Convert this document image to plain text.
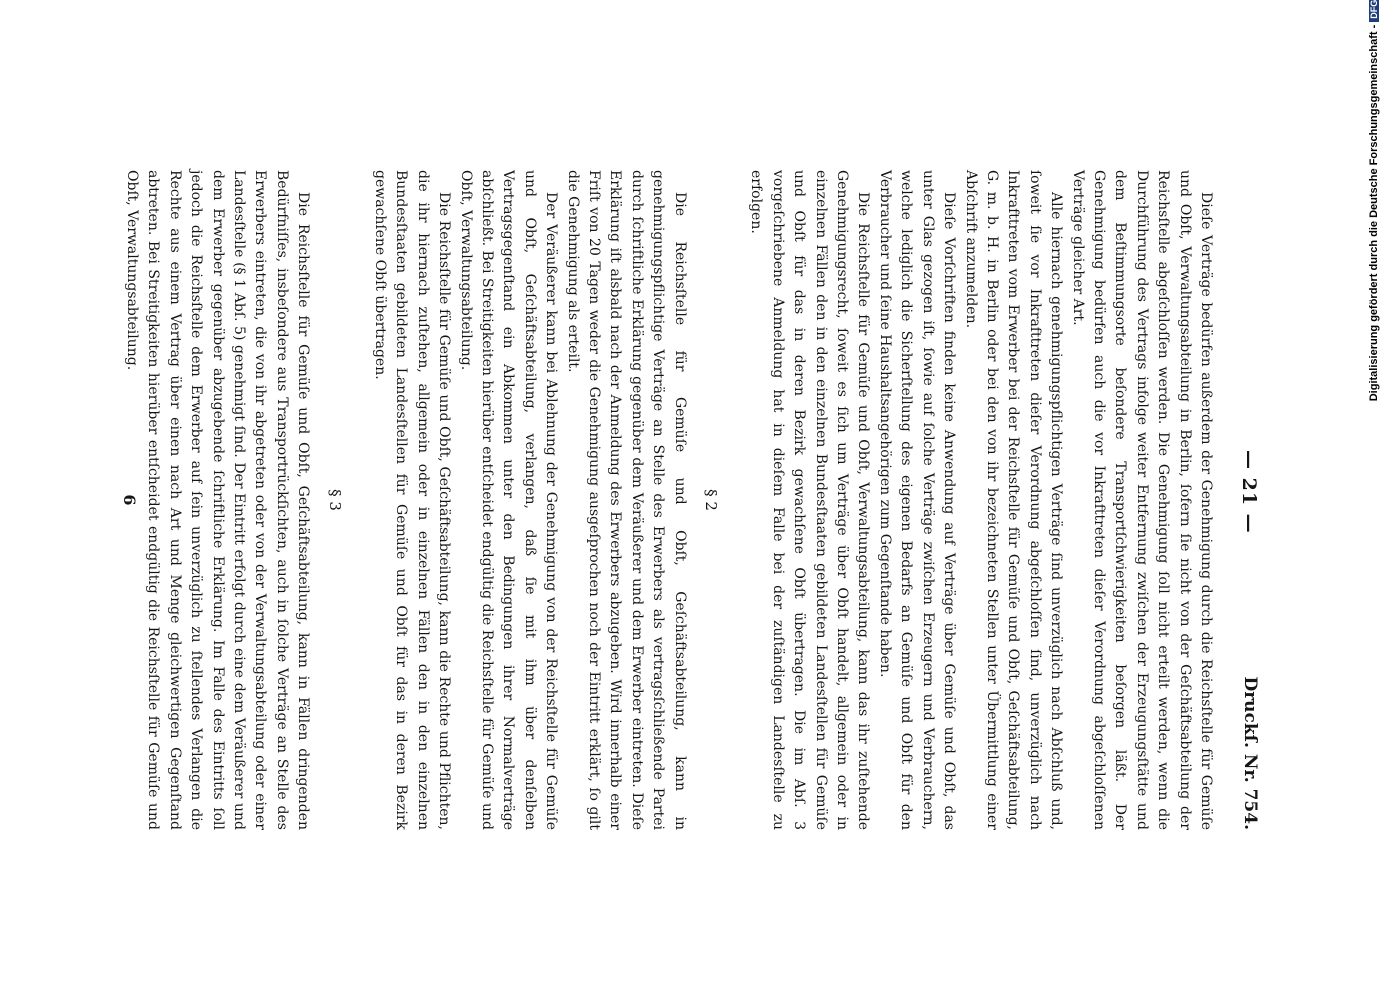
— 21 —
Druckſ. Nr. 754.

Dieſe Verträge bedürfen außerdem der Genehmigung durch die Reichsſtelle für Gemüſe und Obſt, Verwaltungsabteilung in Berlin, ſofern ſie nicht von der Geſchäftsabteilung der Reichsſtelle abgeſchloſſen werden. Die Genehmigung ſoll nicht erteilt werden, wenn die Durchführung des Vertrags infolge weiter Entfernung zwiſchen der Erzeugungsſtätte und dem Beſtimmungsorte beſondere Transportſchwierigkeiten beſorgen läßt. Der Genehmigung bedürfen auch die vor Inkrafttreten dieſer Verordnung abgeſchloſſenen Verträge gleicher Art.

Alle hiernach genehmigungspflichtigen Verträge ſind unverzüglich nach Abſchluß und, ſoweit ſie vor Inkrafttreten dieſer Verordnung abgeſchloſſen ſind, unverzüglich nach Inkrafttreten vom Erwerber bei der Reichsſtelle für Gemüſe und Obſt, Geſchäftsabteilung, G. m. b. H. in Berlin oder bei den von ihr bezeichneten Stellen unter Übermittlung einer Abſchrift anzumelden.

Dieſe Vorſchriften finden keine Anwendung auf Verträge über Gemüſe und Obſt, das unter Glas gezogen iſt, ſowie auf ſolche Verträge zwiſchen Erzeugern und Verbrauchern, welche lediglich die Sicherſtellung des eigenen Bedarfs an Gemüſe und Obſt für den Verbraucher und ſeine Haushaltsangehörigen zum Gegenſtande haben.

Die Reichsſtelle für Gemüſe und Obſt, Verwaltungsabteilung, kann das ihr zuſtehende Genehmigungsrecht, ſoweit es ſich um Verträge über Obſt handelt, allgemein oder in einzelnen Fällen den in den einzelnen Bundesſtaaten gebildeten Landesſtellen für Gemüſe und Obſt für das in deren Bezirk gewachſene Obſt übertragen. Die im Abſ. 3 vorgeſchriebene Anmeldung hat in dieſem Falle bei der zuſtändigen Landesſtelle zu erfolgen.

§ 2

Die Reichsſtelle für Gemüſe und Obſt, Geſchäftsabteilung, kann in genehmigungspflichtige Verträge an Stelle des Erwerbers als vertragsſchließende Partei durch ſchriftliche Erklärung gegenüber dem Veräußerer und dem Erwerber eintreten. Dieſe Erklärung iſt alsbald nach der Anmeldung des Erwerbers abzugeben. Wird innerhalb einer Friſt von 20 Tagen weder die Genehmigung ausgeſprochen noch der Eintritt erklärt, ſo gilt die Genehmigung als erteilt.

Der Veräußerer kann bei Ablehnung der Genehmigung von der Reichsſtelle für Gemüſe und Obſt, Geſchäftsabteilung, verlangen, daß ſie mit ihm über denſelben Vertragsgegenſtand ein Abkommen unter den Bedingungen ihrer Normalverträge abſchließt. Bei Streitigkeiten hierüber entſcheidet endgültig die Reichsſtelle für Gemüſe und Obſt, Verwaltungsabteilung.

Die Reichsſtelle für Gemüſe und Obſt, Geſchäftsabteilung, kann die Rechte und Pflichten, die ihr hiernach zuſtehen, allgemein oder in einzelnen Fällen den in den einzelnen Bundesſtaaten gebildeten Landesſtellen für Gemüſe und Obſt für das in deren Bezirk gewachſene Obſt übertragen.

§ 3

Die Reichsſtelle für Gemüſe und Obſt, Geſchäftsabteilung, kann in Fällen dringenden Bedürfniſſes, insbeſondere aus Transportrückſichten, auch in ſolche Verträge an Stelle des Erwerbers eintreten, die von ihr abgetreten oder von der Verwaltungsabteilung oder einer Landesſtelle (§ 1 Abſ. 5) genehmigt ſind. Der Eintritt erfolgt durch eine dem Veräußerer und dem Erwerber gegenüber abzugebende ſchriftliche Erklärung. Im Falle des Eintritts ſoll jedoch die Reichsſtelle dem Erwerber auf ſein unverzüglich zu ſtellendes Verlangen die Rechte aus einem Vertrag über einen nach Art und Menge gleichwertigen Gegenſtand abtreten. Bei Streitigkeiten hierüber entſcheidet endgültig die Reichsſtelle für Gemüſe und Obſt, Verwaltungsabteilung.

6
Digitalisierung gefördert durch die Deutsche Forschungsgemeinschaft -DFG
